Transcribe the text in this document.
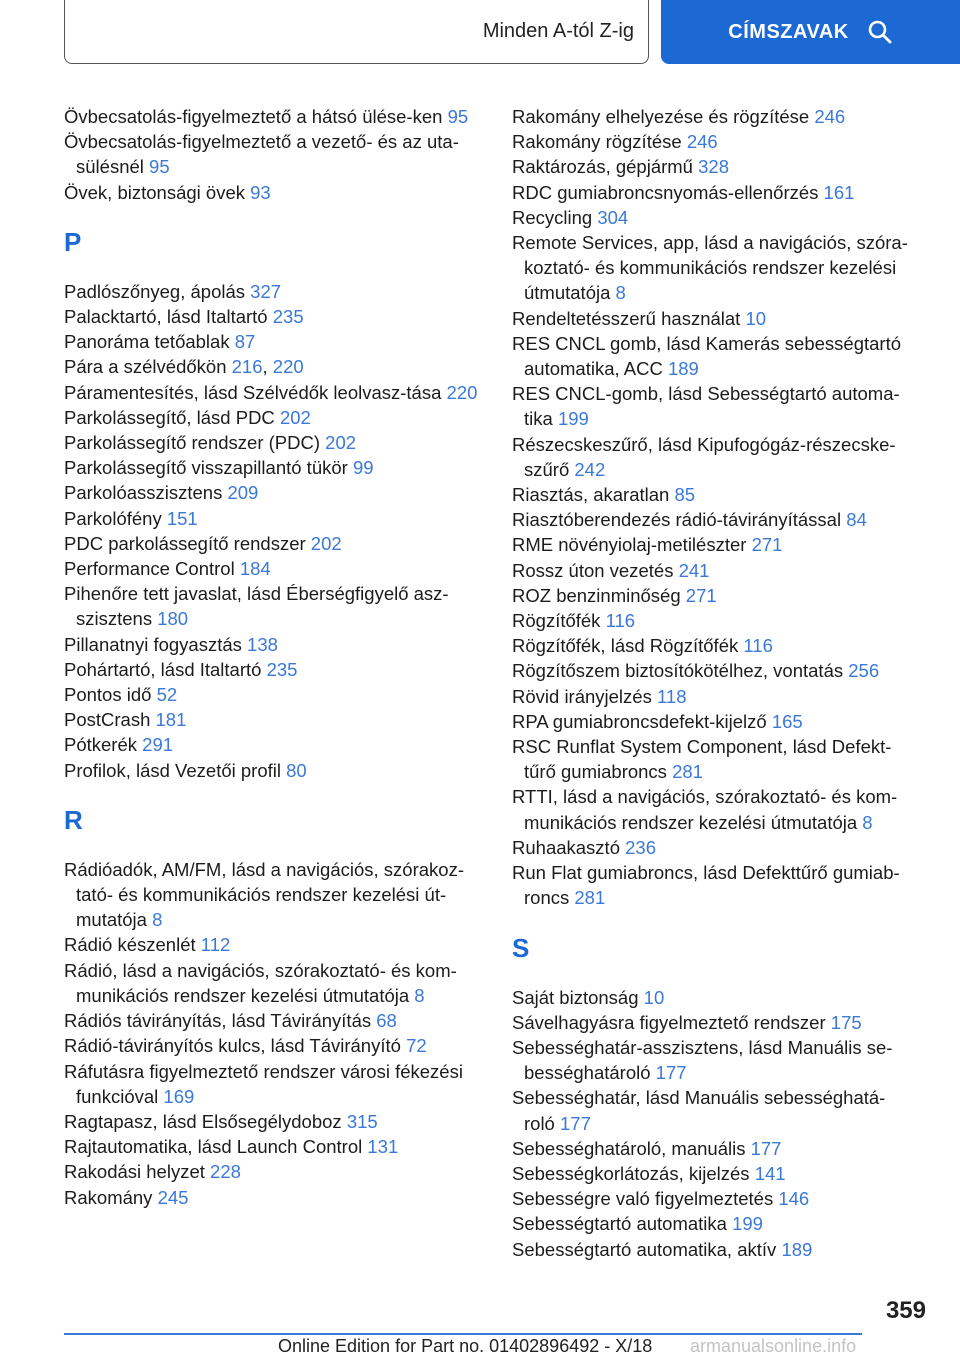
Minden A-tól Z-ig	CÍMSZAVAK
Övbecsatolás-figyelmeztető a hátsó ülése-ken 95
Övbecsatolás-figyelmeztető a vezető- és az uta-sülésnél 95
Övek, biztonsági övek 93
P
Padlószőnyeg, ápolás 327
Palacktartó, lásd Italtartó 235
Panoráma tetőablak 87
Pára a szélvédőkön 216, 220
Páramentesítés, lásd Szélvédők leolvasz-tása 220
Parkolássegítő, lásd PDC 202
Parkolássegítő rendszer (PDC) 202
Parkolássegítő visszapillantó tükör 99
Parkolóasszisztens 209
Parkolófény 151
PDC parkolássegítő rendszer 202
Performance Control 184
Pihenőre tett javaslat, lásd Éberségfigyelő asz-szisztens 180
Pillanatnyi fogyasztás 138
Pohártartó, lásd Italtartó 235
Pontos idő 52
PostCrash 181
Pótkerék 291
Profilok, lásd Vezetői profil 80
R
Rádióadók, AM/FM, lásd a navigációs, szórakoz-tató- és kommunikációs rendszer kezelési út-mutatója 8
Rádió készenlét 112
Rádió, lásd a navigációs, szórakoztató- és kom-munikációs rendszer kezelési útmutatója 8
Rádiós távirányítás, lásd Távirányítás 68
Rádió-távirányítós kulcs, lásd Távirányító 72
Ráfutásra figyelmeztető rendszer városi fékezési funkcióval 169
Ragtapasz, lásd Elsősegélydoboz 315
Rajtautomatika, lásd Launch Control 131
Rakodási helyzet 228
Rakomány 245
Rakomány elhelyezése és rögzítése 246
Rakomány rögzítése 246
Raktározás, gépjármű 328
RDC gumiabroncsnyomás-ellenőrzés 161
Recycling 304
Remote Services, app, lásd a navigációs, szóra-koztató- és kommunikációs rendszer kezelési útmutatója 8
Rendeltetésszerű használat 10
RES CNCL gomb, lásd Kamerás sebességtartó automatika, ACC 189
RES CNCL-gomb, lásd Sebességtartó automa-tika 199
Részecskeszűrő, lásd Kipufogógáz-részecske-szűrő 242
Riasztás, akaratlan 85
Riasztóberendezés rádió-távirányítással 84
RME növényiolaj-metilészter 271
Rossz úton vezetés 241
ROZ benzinminőség 271
Rögzítőfék 116
Rögzítőfék, lásd Rögzítőfék 116
Rögzítőszem biztosítókötélhez, vontatás 256
Rövid irányjelzés 118
RPA gumiabroncsdefekt-kijelző 165
RSC Runflat System Component, lásd Defekt-tűrő gumiabroncs 281
RTTI, lásd a navigációs, szórakoztató- és kom-munikációs rendszer kezelési útmutatója 8
Ruhaakasztó 236
Run Flat gumiabroncs, lásd Defekttűrő gumiab-roncs 281
S
Saját biztonság 10
Sávelhagyásra figyelmeztető rendszer 175
Sebességhatár-asszisztens, lásd Manuális se-bességhatároló 177
Sebességhatár, lásd Manuális sebességhatá-roló 177
Sebességhatároló, manuális 177
Sebességkorlátozás, kijelzés 141
Sebességre való figyelmeztetés 146
Sebességtartó automatika 199
Sebességtartó automatika, aktív 189
359
Online Edition for Part no. 01402896492 - X/18 armanualsonline.info
